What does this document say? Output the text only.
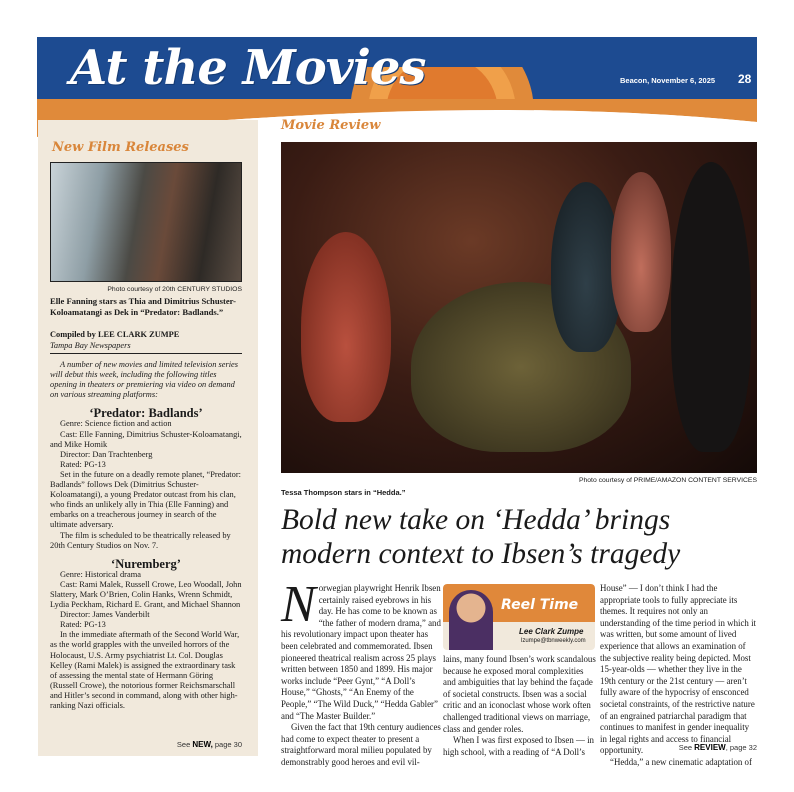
At the Movies	Beacon, November 6, 2025 28
New Film Releases
Photo courtesy of 20th CENTURY STUDIOS
Elle Fanning stars as Thia and Dimitrius Schuster-Koloamatangi as Dek in “Predator: Badlands.”
Compiled by LEE CLARK ZUMPE
Tampa Bay Newspapers

A number of new movies and limited television series will debut this week, including the following titles opening in theaters or premiering via video on demand on various streaming platforms:

‘Predator: Badlands’

Genre: Science fiction and action

Cast: Elle Fanning, Dimitrius Schuster-Koloamatangi, and Mike Homik

Director: Dan Trachtenberg

Rated: PG-13

Set in the future on a deadly remote planet, “Predator: Badlands” follows Dek (Dimitrius Schuster-Koloamatangi), a young Predator outcast from his clan, who finds an unlikely ally in Thia (Elle Fanning) and embarks on a treacherous journey in search of the ultimate adversary.

The film is scheduled to be theatrically released by 20th Century Studios on Nov. 7.

‘Nuremberg’

Genre: Historical drama

Cast: Rami Malek, Russell Crowe, Leo Woodall, John Slattery, Mark O’Brien, Colin Hanks, Wrenn Schmidt, Lydia Peckham, Richard E. Grant, and Michael Shannon

Director: James Vanderbilt

Rated: PG-13

In the immediate aftermath of the Second World War, as the world grapples with the unveiled horrors of the Holocaust, U.S. Army psychiatrist Lt. Col. Douglas Kelley (Rami Malek) is assigned the extraordinary task of assessing the mental state of Hermann Göring (Russell Crowe), the notorious former Reichsmarschall and Hitler’s second in command, along with other high-ranking Nazi officials.

See NEW, page 30
Movie Review
Photo courtesy of PRIME/AMAZON CONTENT SERVICES
Tessa Thompson stars in “Hedda.”
Bold new take on ‘Hedda’ brings modern context to Ibsen’s tragedy

Norwegian playwright Henrik Ibsen certainly raised eyebrows in his day. He has come to be known as “the father of modern drama,” and his revolutionary impact upon theater has been celebrated and commemorated. Ibsen pioneered theatrical realism across 25 plays written between 1850 and 1899. His major works include “Peer Gynt,” “A Doll’s House,” “Ghosts,” “An Enemy of the People,” “The Wild Duck,” “Hedda Gabler” and “The Master Builder.”

Given the fact that 19th century audiences had come to expect theater to present a straightforward moral milieu populated by demonstrably good heroes and evil vil-

Reel Time
Lee Clark Zumpe
lzumpe@tbnweekly.com

lains, many found Ibsen’s work scandalous because he exposed moral complexities and ambiguities that lay behind the façade of societal constructs. Ibsen was a social critic and an iconoclast whose work often challenged traditional views on marriage, class and gender roles.

When I was first exposed to Ibsen — in high school, with a reading of “A Doll’s

House” — I don’t think I had the appropriate tools to fully appreciate its themes. It requires not only an understanding of the time period in which it was written, but some amount of lived experience that allows an examination of the subjective reality being depicted. Most 15-year-olds — whether they live in the 19th century or the 21st century — aren’t fully aware of the hypocrisy of ensconced societal constraints, of the restrictive nature of an engrained patriarchal paradigm that continues to manifest in gender inequality in legal rights and access to financial opportunity.

“Hedda,” a new cinematic adaptation of

See REVIEW, page 32
